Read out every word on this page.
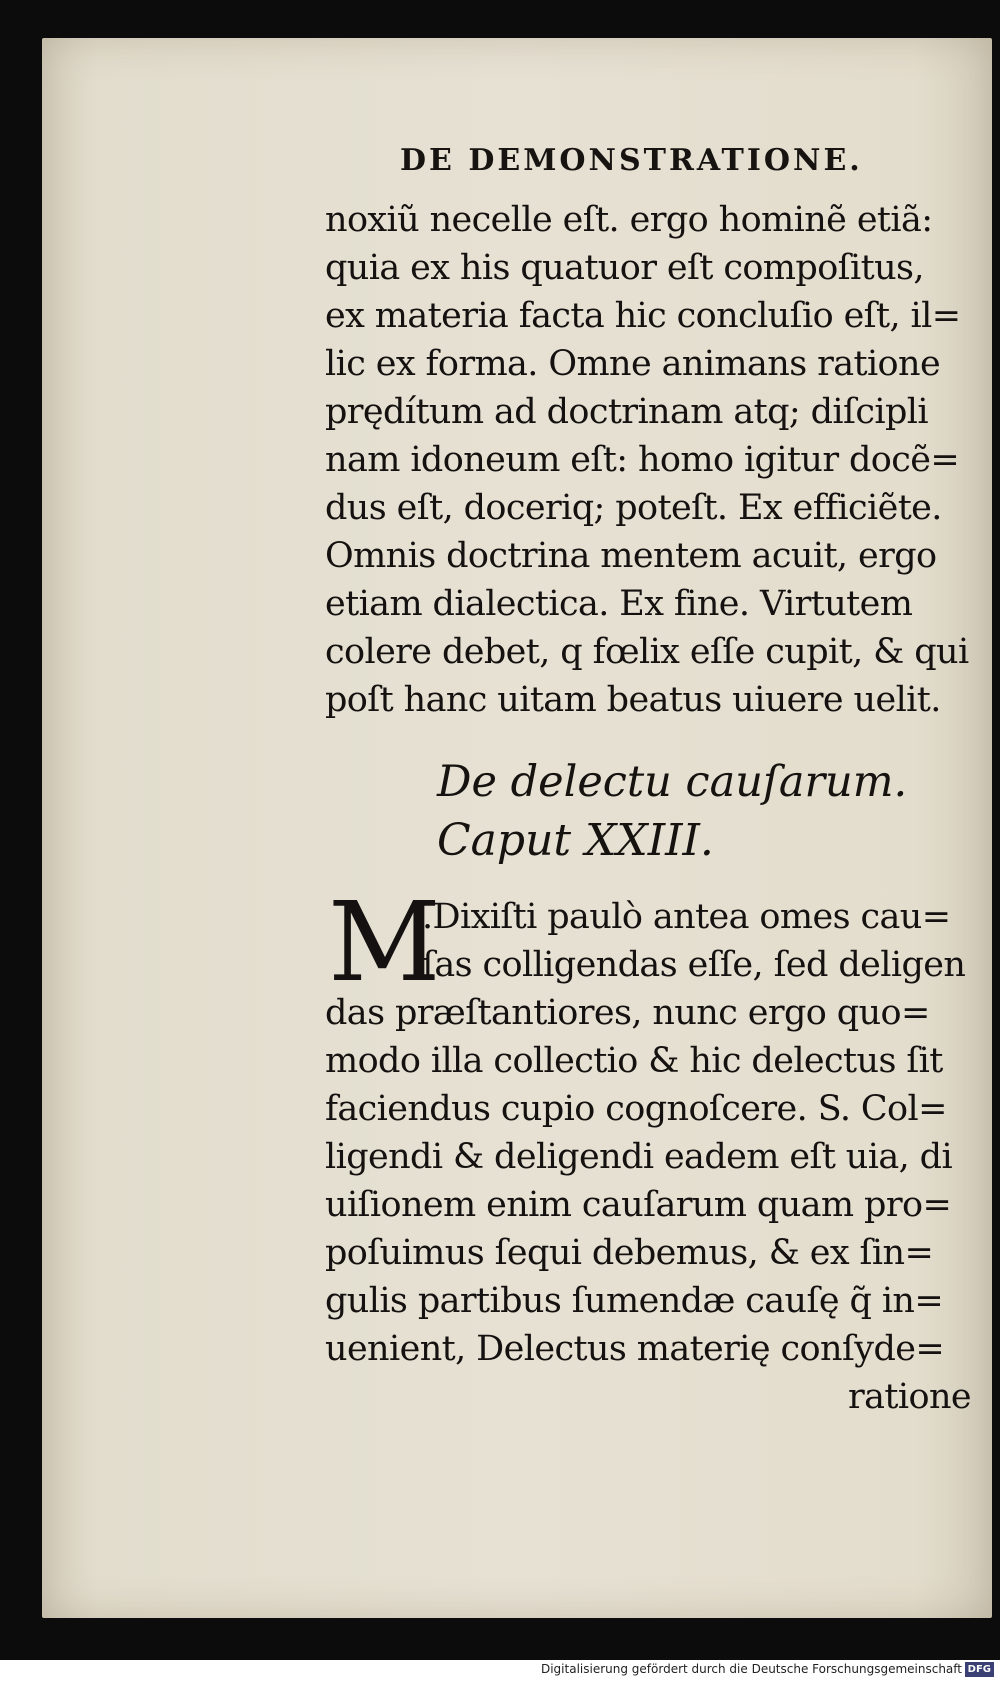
DE DEMONSTRATIONE.
noxiũ necelle eſt. ergo hominẽ etiã:
quia ex his quatuor eſt compoſitus,
ex materia facta hic concluſio eſt, il=
lic ex forma. Omne animans ratione
prędítum ad doctrinam atq; diſcipli
nam idoneum eſt: homo igitur docẽ=
dus eſt, doceriq; poteſt. Ex efficiẽte.
Omnis doctrina mentem acuit, ergo
etiam dialectica. Ex fine. Virtutem
colere debet, q fœlix eſſe cupit, & qui
poſt hanc uitam beatus uiuere uelit.
De delectu cauſarum.
Caput XXIII.
M
.Dixiſti paulò antea omes cau=
ſas colligendas eſſe, ſed deligen
das præſtantiores, nunc ergo quo=
modo illa collectio & hic delectus ſit
faciendus cupio cognoſcere. S. Col=
ligendi & deligendi eadem eſt uia, di
uiſionem enim cauſarum quam pro=
poſuimus ſequi debemus, & ex ſin=
gulis partibus ſumendæ cauſę q̃ in=
uenient, Delectus materię conſyde=
ratione
Digitalisierung gefördert durch die Deutsche Forschungsgemeinschaft DFG
